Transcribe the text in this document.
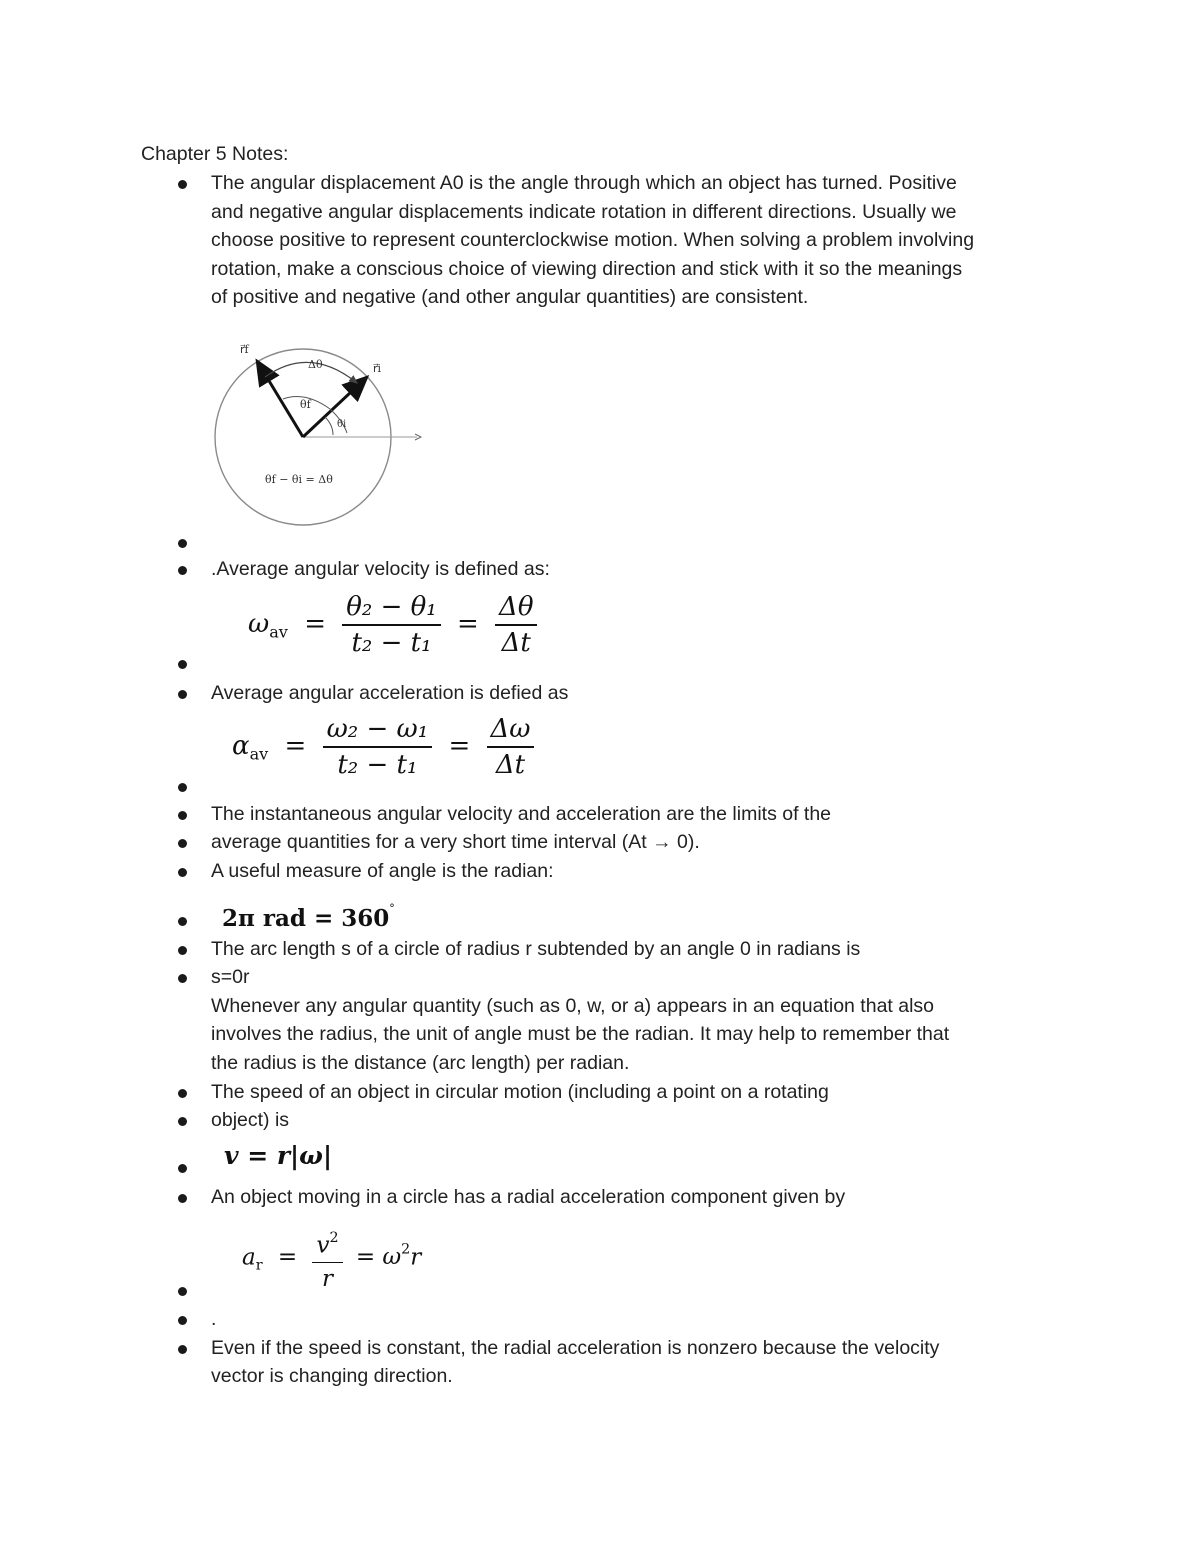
Chapter 5 Notes:
The angular displacement A0 is the angle through which an object has turned. Positive
and negative angular displacements indicate rotation in different directions. Usually we
choose positive to represent counterclockwise motion. When solving a problem involving
rotation, make a conscious choice of viewing direction and stick with it so the meanings
of positive and negative (and other angular quantities) are consistent.
r⃗f
r⃗i
Δθ
θf
θi
θf − θi = Δθ
.Average angular velocity is defined as:
$\omega_{av} = \frac{\text{θ₂ − θ₁}}{\text{t₂ − t₁}} = \frac{\Delta\theta}{\Delta t}$
Average angular acceleration is defied as
$\alpha_{av} = \frac{\text{ω₂ − ω₁}}{\text{t₂ − t₁}} = \frac{\Delta\omega}{\Delta t}$
The instantaneous angular velocity and acceleration are the limits of the
average quantities for a very short time interval (At → 0).
A useful measure of angle is the radian:
2π rad = 360°
The arc length s of a circle of radius r subtended by an angle 0 in radians is
s=0r
Whenever any angular quantity (such as 0, w, or a) appears in an equation that also
involves the radius, the unit of angle must be the radian. It may help to remember that
the radius is the distance (arc length) per radian.
The speed of an object in circular motion (including a point on a rotating
object) is
v = r|ω|
An object moving in a circle has a radial acceleration component given by
$a_r = \frac{v^2}{r} = \omega^2r$
.
Even if the speed is constant, the radial acceleration is nonzero because the velocity
vector is changing direction.
